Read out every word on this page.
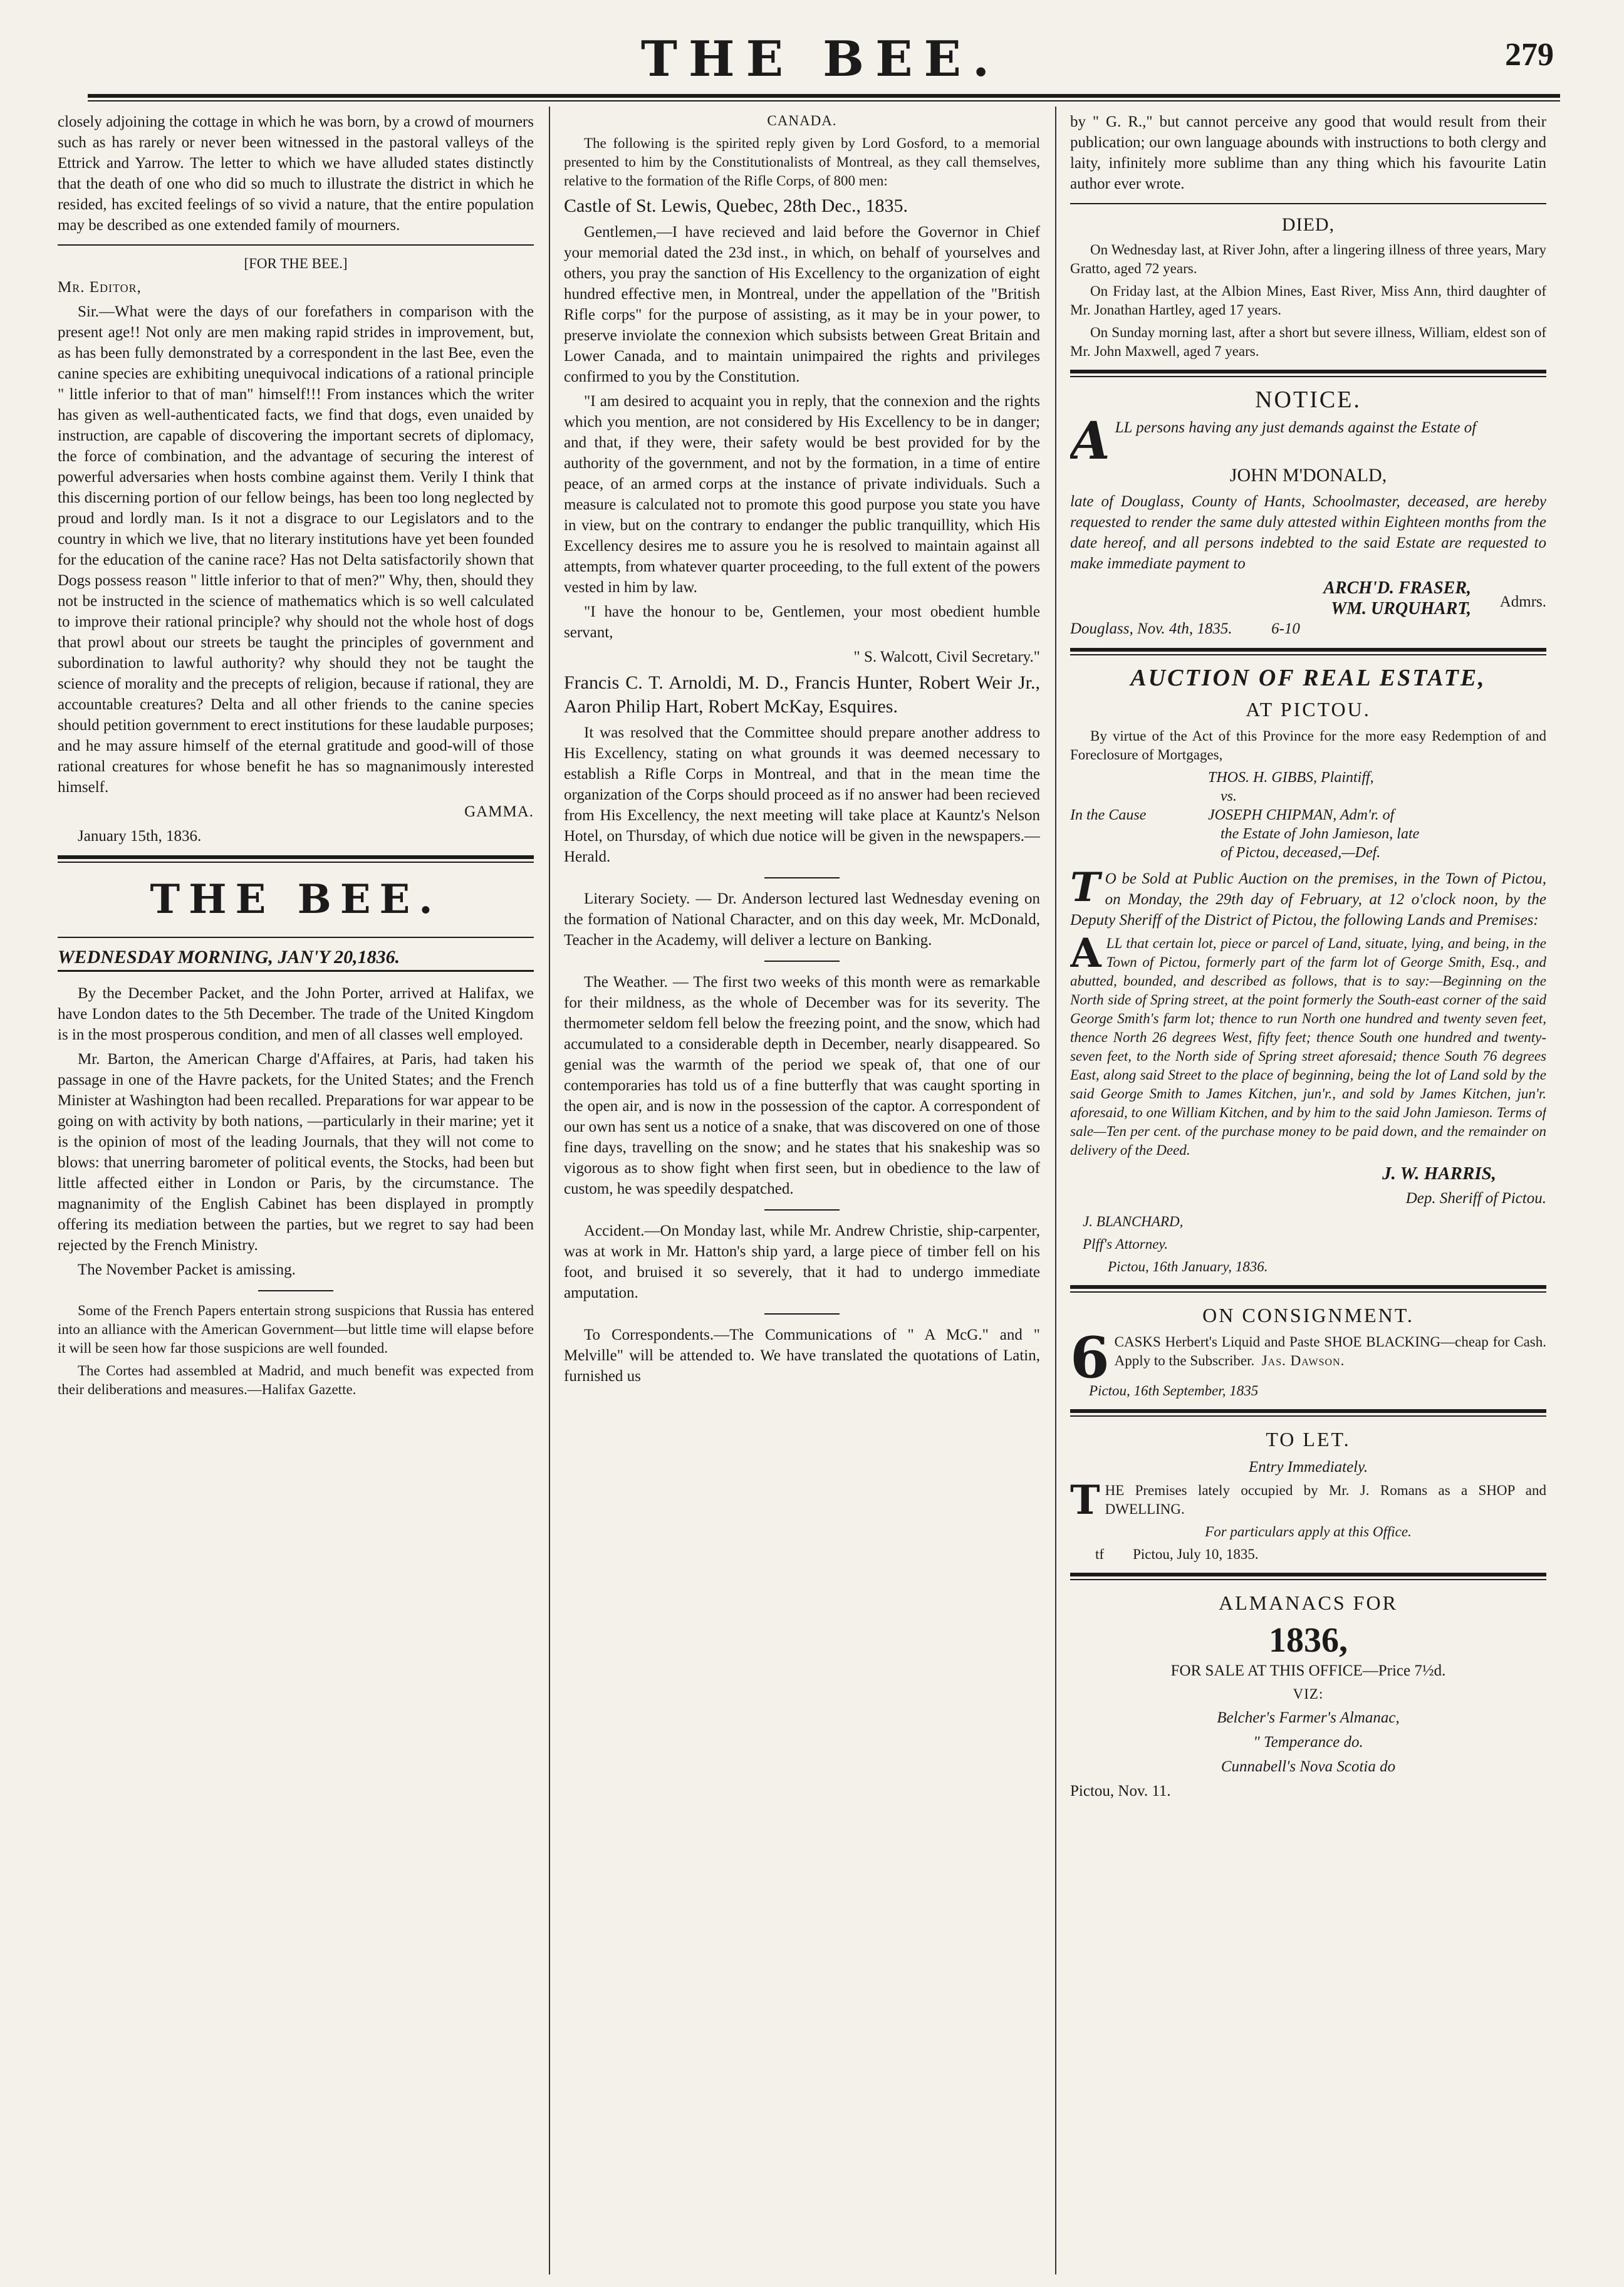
THE BEE.	279

closely adjoining the cottage in which he was born, by a crowd of mourners such as has rarely or never been witnessed in the pastoral valleys of the Ettrick and Yarrow. The letter to which we have alluded states distinctly that the death of one who did so much to illustrate the district in which he resided, has excited feelings of so vivid a nature, that the entire population may be described as one extended family of mourners.

[FOR THE BEE.]

Mr. Editor,

Sir.—What were the days of our forefathers in comparison with the present age!! Not only are men making rapid strides in improvement, but, as has been fully demonstrated by a correspondent in the last Bee, even the canine species are exhibiting unequivocal indications of a rational principle " little inferior to that of man" himself!!! From instances which the writer has given as well-authenticated facts, we find that dogs, even unaided by instruction, are capable of discovering the important secrets of diplomacy, the force of combination, and the advantage of securing the interest of powerful adversaries when hosts combine against them. Verily I think that this discerning portion of our fellow beings, has been too long neglected by proud and lordly man. Is it not a disgrace to our Legislators and to the country in which we live, that no literary institutions have yet been founded for the education of the canine race? Has not Delta satisfactorily shown that Dogs possess reason " little inferior to that of men?" Why, then, should they not be instructed in the science of mathematics which is so well calculated to improve their rational principle? why should not the whole host of dogs that prowl about our streets be taught the principles of government and subordination to lawful authority? why should they not be taught the science of morality and the precepts of religion, because if rational, they are accountable creatures? Delta and all other friends to the canine species should petition government to erect institutions for these laudable purposes; and he may assure himself of the eternal gratitude and good-will of those rational creatures for whose benefit he has so magnanimously interested himself.

GAMMA.

January 15th, 1836.

THE BEE.
WEDNESDAY MORNING, JAN'Y 20,1836.

By the December Packet, and the John Porter, arrived at Halifax, we have London dates to the 5th December. The trade of the United Kingdom is in the most prosperous condition, and men of all classes well employed.

Mr. Barton, the American Charge d'Affaires, at Paris, had taken his passage in one of the Havre packets, for the United States; and the French Minister at Washington had been recalled. Preparations for war appear to be going on with activity by both nations, —particularly in their marine; yet it is the opinion of most of the leading Journals, that they will not come to blows: that unerring barometer of political events, the Stocks, had been but little affected either in London or Paris, by the circumstance. The magnanimity of the English Cabinet has been displayed in promptly offering its mediation between the parties, but we regret to say had been rejected by the French Ministry.

The November Packet is amissing.

Some of the French Papers entertain strong suspicions that Russia has entered into an alliance with the American Government—but little time will elapse before it will be seen how far those suspicions are well founded.

The Cortes had assembled at Madrid, and much benefit was expected from their deliberations and measures.—Halifax Gazette.

CANADA.

The following is the spirited reply given by Lord Gosford, to a memorial presented to him by the Constitutionalists of Montreal, as they call themselves, relative to the formation of the Rifle Corps, of 800 men:

Castle of St. Lewis, Quebec, 28th Dec., 1835.

Gentlemen,—I have recieved and laid before the Governor in Chief your memorial dated the 23d inst., in which, on behalf of yourselves and others, you pray the sanction of His Excellency to the organization of eight hundred effective men, in Montreal, under the appellation of the "British Rifle corps" for the purpose of assisting, as it may be in your power, to preserve inviolate the connexion which subsists between Great Britain and Lower Canada, and to maintain unimpaired the rights and privileges confirmed to you by the Constitution.

"I am desired to acquaint you in reply, that the connexion and the rights which you mention, are not considered by His Excellency to be in danger; and that, if they were, their safety would be best provided for by the authority of the government, and not by the formation, in a time of entire peace, of an armed corps at the instance of private individuals. Such a measure is calculated not to promote this good purpose you state you have in view, but on the contrary to endanger the public tranquillity, which His Excellency desires me to assure you he is resolved to maintain against all attempts, from whatever quarter proceeding, to the full extent of the powers vested in him by law.

"I have the honour to be, Gentlemen, your most obedient humble servant,

" S. Walcott, Civil Secretary."

Francis C. T. Arnoldi, M. D., Francis Hunter, Robert Weir Jr., Aaron Philip Hart, Robert McKay, Esquires.

It was resolved that the Committee should prepare another address to His Excellency, stating on what grounds it was deemed necessary to establish a Rifle Corps in Montreal, and that in the mean time the organization of the Corps should proceed as if no answer had been recieved from His Excellency, the next meeting will take place at Kauntz's Nelson Hotel, on Thursday, of which due notice will be given in the newspapers.—Herald.

Literary Society. — Dr. Anderson lectured last Wednesday evening on the formation of National Character, and on this day week, Mr. McDonald, Teacher in the Academy, will deliver a lecture on Banking.

The Weather. — The first two weeks of this month were as remarkable for their mildness, as the whole of December was for its severity. The thermometer seldom fell below the freezing point, and the snow, which had accumulated to a considerable depth in December, nearly disappeared. So genial was the warmth of the period we speak of, that one of our contemporaries has told us of a fine butterfly that was caught sporting in the open air, and is now in the possession of the captor. A correspondent of our own has sent us a notice of a snake, that was discovered on one of those fine days, travelling on the snow; and he states that his snakeship was so vigorous as to show fight when first seen, but in obedience to the law of custom, he was speedily despatched.

Accident.—On Monday last, while Mr. Andrew Christie, ship-carpenter, was at work in Mr. Hatton's ship yard, a large piece of timber fell on his foot, and bruised it so severely, that it had to undergo immediate amputation.

To Correspondents.—The Communications of " A McG." and " Melville" will be attended to. We have translated the quotations of Latin, furnished us

by " G. R.," but cannot perceive any good that would result from their publication; our own language abounds with instructions to both clergy and laity, infinitely more sublime than any thing which his favourite Latin author ever wrote.

DIED,

On Wednesday last, at River John, after a lingering illness of three years, Mary Gratto, aged 72 years.

On Friday last, at the Albion Mines, East River, Miss Ann, third daughter of Mr. Jonathan Hartley, aged 17 years.

On Sunday morning last, after a short but severe illness, William, eldest son of Mr. John Maxwell, aged 7 years.

NOTICE.

ALL persons having any just demands against the Estate of

JOHN M'DONALD,

late of Douglass, County of Hants, Schoolmaster, deceased, are hereby requested to render the same duly attested within Eighteen months from the date hereof, and all persons indebted to the said Estate are requested to make immediate payment to

ARCH'D. FRASER,

WM. URQUHART,	Admrs.

Douglass, Nov. 4th, 1835.	6-10

AUCTION OF REAL ESTATE,
AT PICTOU.

By virtue of the Act of this Province for the more easy Redemption of and Foreclosure of Mortgages,

THOS. H. GIBBS, Plaintiff,
vs.
In the Cause	JOSEPH CHIPMAN, Adm'r. of
the Estate of John Jamieson, late
of Pictou, deceased,—Def.

T O be Sold at Public Auction on the premises, in the Town of Pictou, on Monday, the 29th day of February, at 12 o'clock noon, by the Deputy Sheriff of the District of Pictou, the following Lands and Premises:

ALL that certain lot, piece or parcel of Land, situate, lying, and being, in the Town of Pictou, formerly part of the farm lot of George Smith, Esq., and abutted, bounded, and described as follows, that is to say:—Beginning on the North side of Spring street, at the point formerly the South-east corner of the said George Smith's farm lot; thence to run North one hundred and twenty seven feet, thence North 26 degrees West, fifty feet; thence South one hundred and twenty-seven feet, to the North side of Spring street aforesaid; thence South 76 degrees East, along said Street to the place of beginning, being the lot of Land sold by the said George Smith to James Kitchen, jun'r., and sold by James Kitchen, jun'r. aforesaid, to one William Kitchen, and by him to the said John Jamieson. Terms of sale—Ten per cent. of the purchase money to be paid down, and the remainder on delivery of the Deed.

J. W. HARRIS,

Dep. Sheriff of Pictou.

J. BLANCHARD,

Plff's Attorney.

Pictou, 16th January, 1836.

ON CONSIGNMENT.

6 CASKS Herbert's Liquid and Paste SHOE BLACKING—cheap for Cash. Apply to the Subscriber. Jas. Dawson.

Pictou, 16th September, 1835

TO LET.

Entry Immediately.

THE Premises lately occupied by Mr. J. Romans as a SHOP and DWELLING.

For particulars apply at this Office.

tf Pictou, July 10, 1835.

ALMANACS FOR
1836,

FOR SALE AT THIS OFFICE—Price 7½d.

VIZ:

Belcher's Farmer's Almanac,

" Temperance do.

Cunnabell's Nova Scotia do

Pictou, Nov. 11.
